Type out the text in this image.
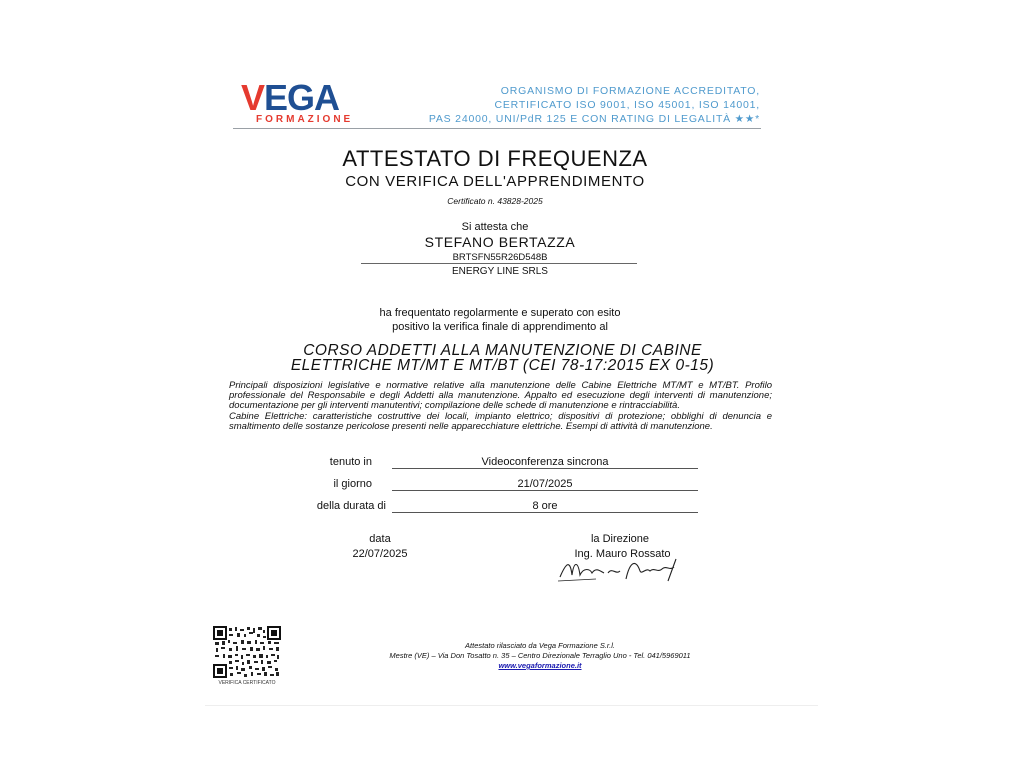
VEGA
FORMAZIONE
ORGANISMO DI FORMAZIONE ACCREDITATO,
CERTIFICATO ISO 9001, ISO 45001, ISO 14001,
PAS 24000, UNI/PdR 125 E CON RATING DI LEGALITÀ ★★*
ATTESTATO DI FREQUENZA
CON VERIFICA DELL'APPRENDIMENTO
Certificato n. 43828-2025
Si attesta che
STEFANO BERTAZZA
BRTSFN55R26D548B
ENERGY LINE SRLS
ha frequentato regolarmente e superato con esito
positivo la verifica finale di apprendimento al
CORSO ADDETTI ALLA MANUTENZIONE DI CABINE
ELETTRICHE MT/MT E MT/BT (CEI 78-17:2015 EX 0-15)
Principali disposizioni legislative e normative relative alla manutenzione delle Cabine Elettriche MT/MT e MT/BT. Profilo professionale del Responsabile e degli Addetti alla manutenzione. Appalto ed esecuzione degli interventi di manutenzione; documentazione per gli interventi manutentivi; compilazione delle schede di manutenzione e rintracciabilità.
Cabine Elettriche: caratteristiche costruttive dei locali, impianto elettrico; dispositivi di protezione; obblighi di denuncia e smaltimento delle sostanze pericolose presenti nelle apparecchiature elettriche. Esempi di attività di manutenzione.
tenuto in	Videoconferenza sincrona
il giorno	21/07/2025
della durata di	8 ore
data
22/07/2025
la Direzione
Ing. Mauro Rossato
VERIFICA CERTIFICATO
Attestato rilasciato da Vega Formazione S.r.l.
Mestre (VE) – Via Don Tosatto n. 35 – Centro Direzionale Terraglio Uno - Tel. 041/5969011
www.vegaformazione.it
